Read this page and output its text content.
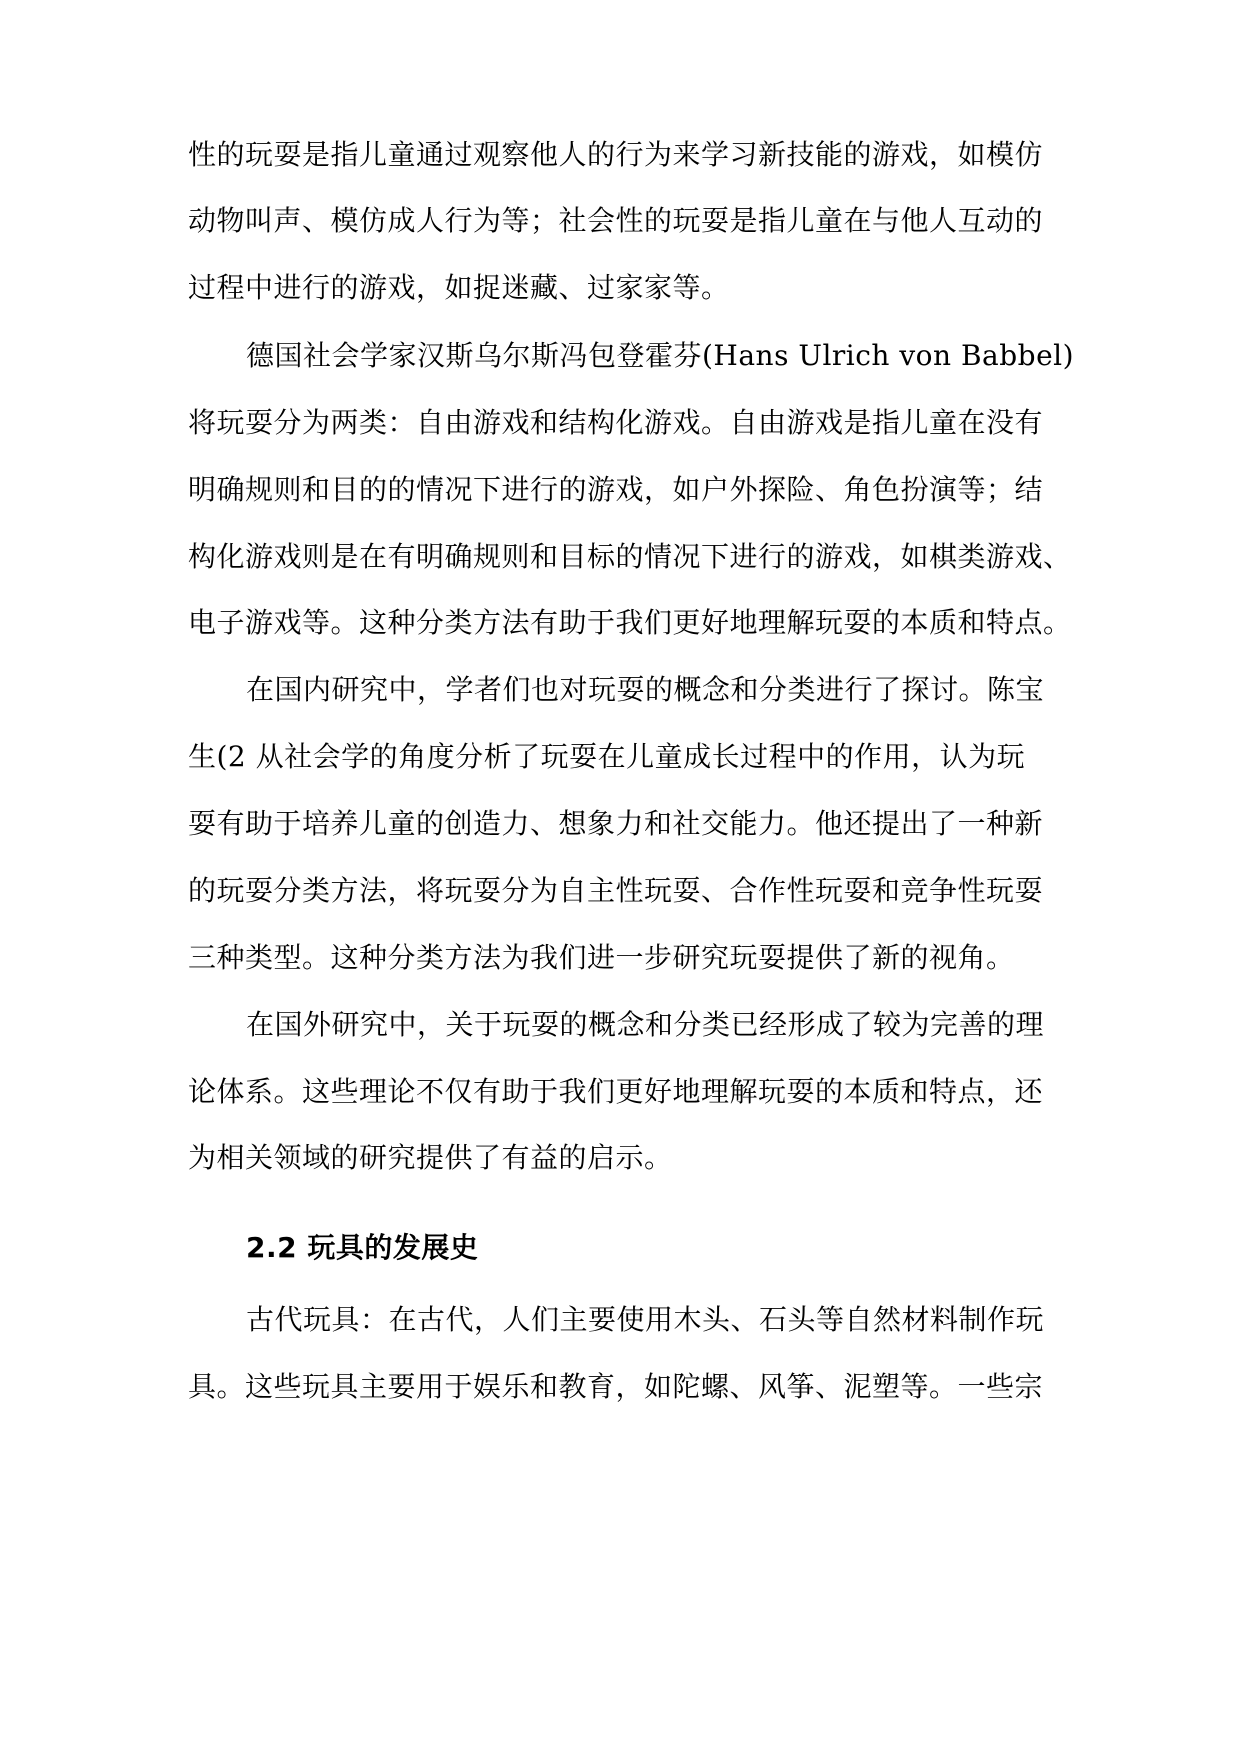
性的玩耍是指儿童通过观察他人的行为来学习新技能的游戏，如模仿
动物叫声、模仿成人行为等；社会性的玩耍是指儿童在与他人互动的
过程中进行的游戏，如捉迷藏、过家家等。
德国社会学家汉斯乌尔斯冯包登霍芬(Hans Ulrich von Babbel)
将玩耍分为两类：自由游戏和结构化游戏。自由游戏是指儿童在没有
明确规则和目的的情况下进行的游戏，如户外探险、角色扮演等；结
构化游戏则是在有明确规则和目标的情况下进行的游戏，如棋类游戏、
电子游戏等。这种分类方法有助于我们更好地理解玩耍的本质和特点。
在国内研究中，学者们也对玩耍的概念和分类进行了探讨。陈宝
生(2 从社会学的角度分析了玩耍在儿童成长过程中的作用，认为玩
耍有助于培养儿童的创造力、想象力和社交能力。他还提出了一种新
的玩耍分类方法，将玩耍分为自主性玩耍、合作性玩耍和竞争性玩耍
三种类型。这种分类方法为我们进一步研究玩耍提供了新的视角。
在国外研究中，关于玩耍的概念和分类已经形成了较为完善的理
论体系。这些理论不仅有助于我们更好地理解玩耍的本质和特点，还
为相关领域的研究提供了有益的启示。
2.2 玩具的发展史
古代玩具：在古代，人们主要使用木头、石头等自然材料制作玩
具。这些玩具主要用于娱乐和教育，如陀螺、风筝、泥塑等。一些宗
